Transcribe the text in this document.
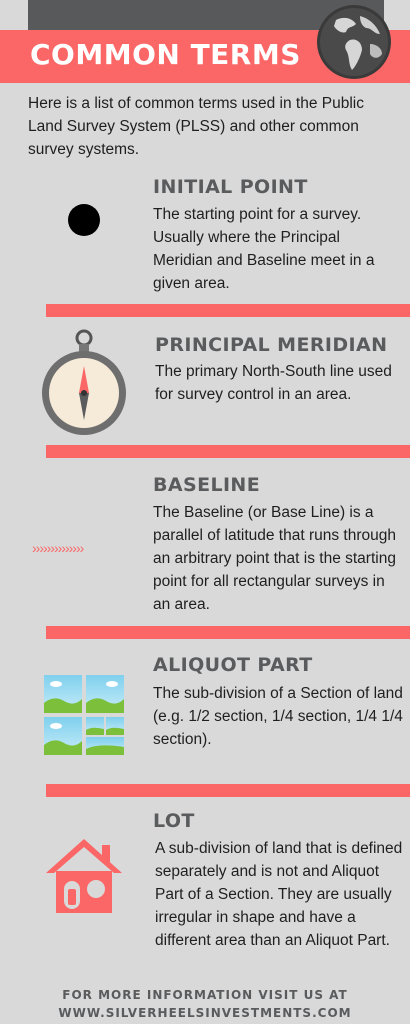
COMMON TERMS
Here is a list of common terms used in the Public Land Survey System (PLSS) and other common survey systems.
INITIAL POINT
The starting point for a survey. Usually where the Principal Meridian and Baseline meet in a given area.
PRINCIPAL MERIDIAN
The primary North-South line used for survey control in an area.
BASELINE
››››››››››››››
The Baseline (or Base Line) is a parallel of latitude that runs through an arbitrary point that is the starting point for all rectangular surveys in an area.
ALIQUOT PART
The sub-division of a Section of land (e.g. 1/2 section, 1/4 section, 1/4 1/4 section).
LOT
A sub-division of land that is defined separately and is not and Aliquot Part of a Section. They are usually irregular in shape and have a different area than an Aliquot Part.
FOR MORE INFORMATION VISIT US AT
WWW.SILVERHEELSINVESTMENTS.COM
